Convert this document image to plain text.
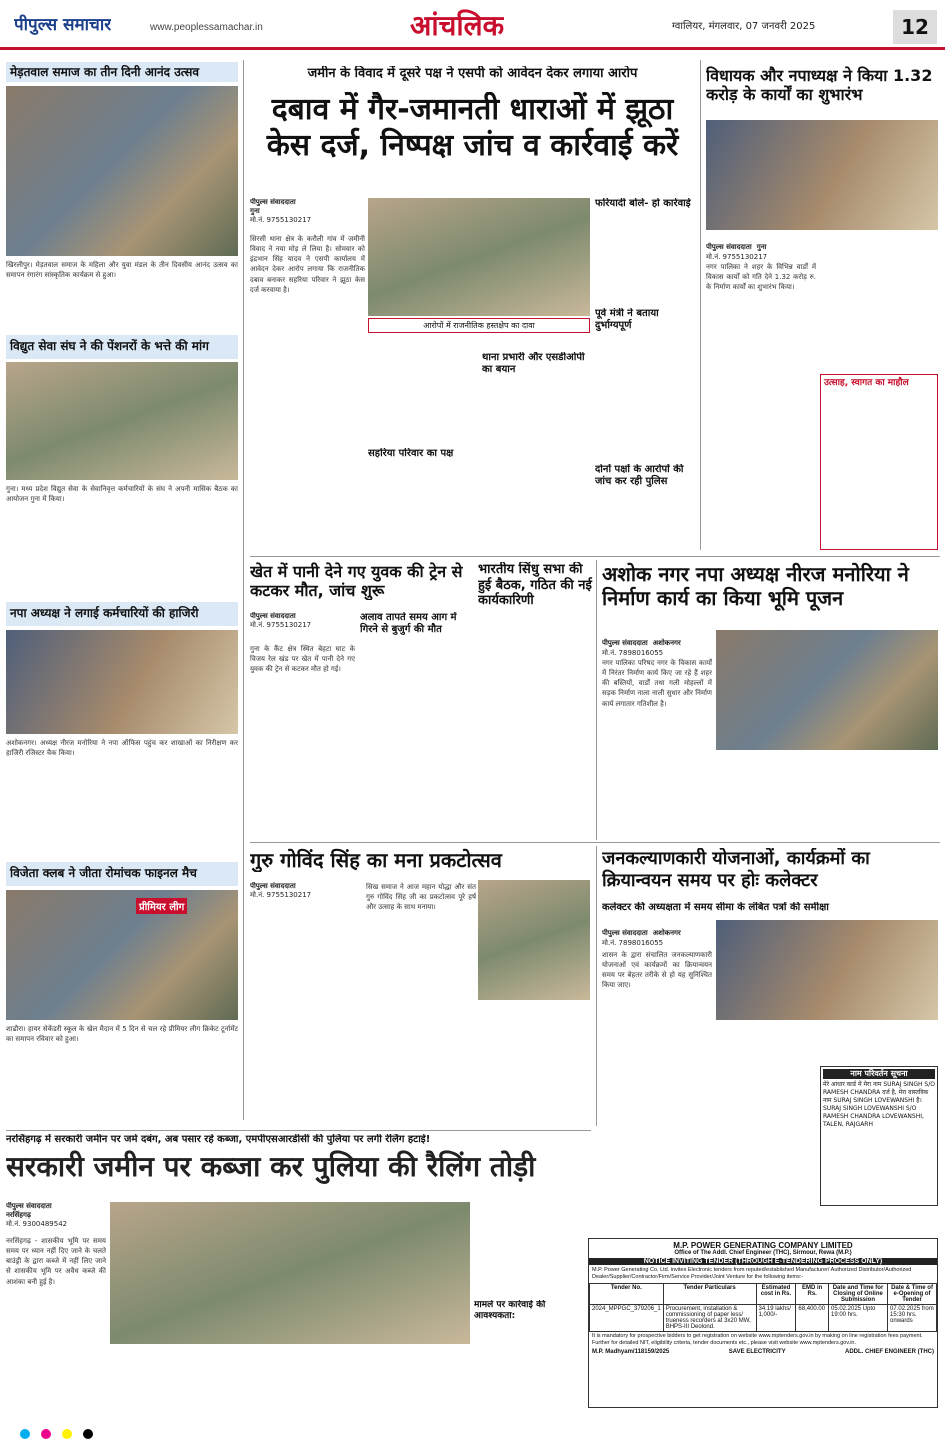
पीपुल्स समाचार	www.peoplessamachar.in	आंचलिक	ग्वालियर, मंगलवार, 07 जनवरी 2025	12
मेड़तवाल समाज का तीन दिनी आनंद उत्सव
खिरलीपुर। मेड़तवाल समाज के महिला और युवा मंडल के तीन दिवसीय आनंद उत्सव का समापन रंगारंग सांस्कृतिक कार्यक्रम से हुआ।
विद्युत सेवा संघ ने की पेंशनरों के भत्ते की मांग
गुना। मध्य प्रदेश विद्युत सेवा के सेवानिवृत्त कर्मचारियों के संघ ने अपनी मासिक बैठक का आयोजन गुना में किया।
नपा अध्यक्ष ने लगाई कर्मचारियों की हाजिरी
अशोकनगर। अध्यक्ष नीरज मनोरिया ने नपा ऑफिस पहुंच कर शाखाओं का निरीक्षण कर हाजिरी रजिस्टर चैक किया।
विजेता क्लब ने जीता रोमांचक फाइनल मैच
प्रीमियर लीग
शाढौरा। हायर सेकेंडरी स्कूल के खेल मैदान में 5 दिन से चल रहे प्रीमियर लीग क्रिकेट टूर्नामेंट का समापन रविवार को हुआ।
जमीन के विवाद में दूसरे पक्ष ने एसपी को आवेदन देकर लगाया आरोप
दबाव में गैर-जमानती धाराओं में झूठा केस दर्ज, निष्पक्ष जांच व कार्रवाई करें
पीपुल्स संवाददाता
गुना
मो.नं. 9755130217
सिरसी थाना क्षेत्र के करौली गांव में जमीनी विवाद ने नया मोड़ ले लिया है। सोमवार को इंद्रभान सिंह यादव ने एसपी कार्यालय में आवेदन देकर आरोप लगाया कि राजनीतिक दबाव बनाकर सहरिया परिवार ने झूठा केस दर्ज करवाया है।
आरोपों में राजनीतिक हस्तक्षेप का दावा
सहरिया परिवार का पक्ष
थाना प्रभारी और एसडीओपी का बयान
फरियादी बोले- हो कार्रवाई
पूर्व मंत्री ने बताया दुर्भाग्यपूर्ण
दोनों पक्षों के आरोपों की जांच कर रही पुलिस
विधायक और नपाध्यक्ष ने किया 1.32 करोड़ के कार्यों का शुभारंभ
पीपुल्स संवाददाता गुना
मो.नं. 9755130217
नगर पालिका ने शहर के विभिन्न वार्डों में विकास कार्यों को गति देने 1.32 करोड़ रु. के निर्माण कार्यों का शुभारंभ किया।
उत्साह, स्वागत का माहौल
खेत में पानी देने गए युवक की ट्रेन से कटकर मौत, जांच शुरू
पीपुल्स संवाददाता
मो.नं. 9755130217
गुना के कैंट क्षेत्र स्थित बेहटा घाट के विजय रेल खंड पर खेत में पानी देने गए युवक की ट्रेन से कटकर मौत हो गई।
अलाव तापते समय आग में गिरने से बुजुर्ग की मौत
भारतीय सिंधु सभा की हुई बैठक, गठित की नई कार्यकारिणी
अशोक नगर नपा अध्यक्ष नीरज मनोरिया ने निर्माण कार्य का किया भूमि पूजन
पीपुल्स संवाददाता अशोकनगर
मो.नं. 7898016055
नगर पालिका परिषद नगर के विकास कार्यों में निरंतर निर्माण कार्य किए जा रहे हैं शहर की बस्तियों, वार्डों तथा गली मोहल्लों में सड़क निर्माण नाला नाली सुधार और निर्माण कार्य लगातार गतिशील है।
गुरु गोविंद सिंह का मना प्रकटोत्सव
पीपुल्स संवाददाता
मो.नं. 9755130217
सिख समाज ने आज महान योद्धा और संत गुरु गोविंद सिंह जी का प्रकटोत्सव पूरे हर्ष और उत्साह के साथ मनाया।
जनकल्याणकारी योजनाओं, कार्यक्रमों का क्रियान्वयन समय पर होः कलेक्टर
कलेक्टर की अध्यक्षता में समय सीमा के लंबित पत्रों की समीक्षा
पीपुल्स संवाददाता अशोकनगर
मो.नं. 7898016055
शासन के द्वारा संचालित जनकल्याणकारी योजनाओं एवं कार्यक्रमों का क्रियान्वयन समय पर बेहतर तरीके से हो यह सुनिश्चित किया जाए।
नाम परिवर्तन सूचना
मेरे आधार कार्ड में मेरा नाम SURAJ SINGH S/O RAMESH CHANDRA दर्ज है, मेरा वास्तविक नाम SURAJ SINGH LOVEWANSHI है। SURAJ SINGH LOVEWANSHI S/O RAMESH CHANDRA LOVEWANSHI, TALEN, RAJGARH
नरसिंहगढ़ में सरकारी जमीन पर जमे दबंग, अब पसार रहे कब्जा, एमपीएसआरडीसी की पुलिया पर लगी रेलिंग हटाई!
सरकारी जमीन पर कब्जा कर पुलिया की रैलिंग तोड़ी
पीपुल्स संवाददाता
नरसिंहगढ़
मो.नं. 9300489542
नरसिंहगढ़ - शासकीय भूमि पर समय समय पर ध्यान नहीं दिए जाने के चलते बाउंड्री के द्वारा कब्जे में नहीं लिए जाने से शासकीय भूमि पर अवैध कब्जे की आशंका बनी हुई है।
मामले पर कार्रवाई की आवश्यकता:
M.P. POWER GENERATING COMPANY LIMITED
Office of The Addl. Chief Engineer (THC), Sirmour, Rewa (M.P.)
NOTICE INVITING TENDER (THROUGH E-TENDERING PROCESS ONLY)
M.P. Power Generating Co. Ltd. invites Electronic tenders from reputed/established Manufacturer/ Authorized Distributor/Authorized Dealer/Supplier/Contractor/Firm/Service Provider/Joint Venture for the following items:-
Tender No.	Tender Particulars	Estimated cost in Rs.	EMD in Rs.	Date and Time for Closing of Online Submission	Date & Time of e-Opening of Tender
2024_MPPGC_379206_1	Procurement, installation & commissioning of paper less/ trueness recorders at 3x20 MW, BHPS-III Deolond.	34.19 lakhs/ 1,000/-	68,400.00	05.02.2025 Upto 19:00 hrs.	07.02.2025 from 15:30 hrs. onwards
It is mandatory for prospective bidders to get registration on website www.mptenders.gov.in by making on line registration fees payment. Further for detailed NIT, eligibility criteria, tender documents etc., please visit website www.mptenders.gov.in.
M.P. Madhyam/118159/2025	SAVE ELECTRICITY	ADDL. CHIEF ENGINEER (THC)
